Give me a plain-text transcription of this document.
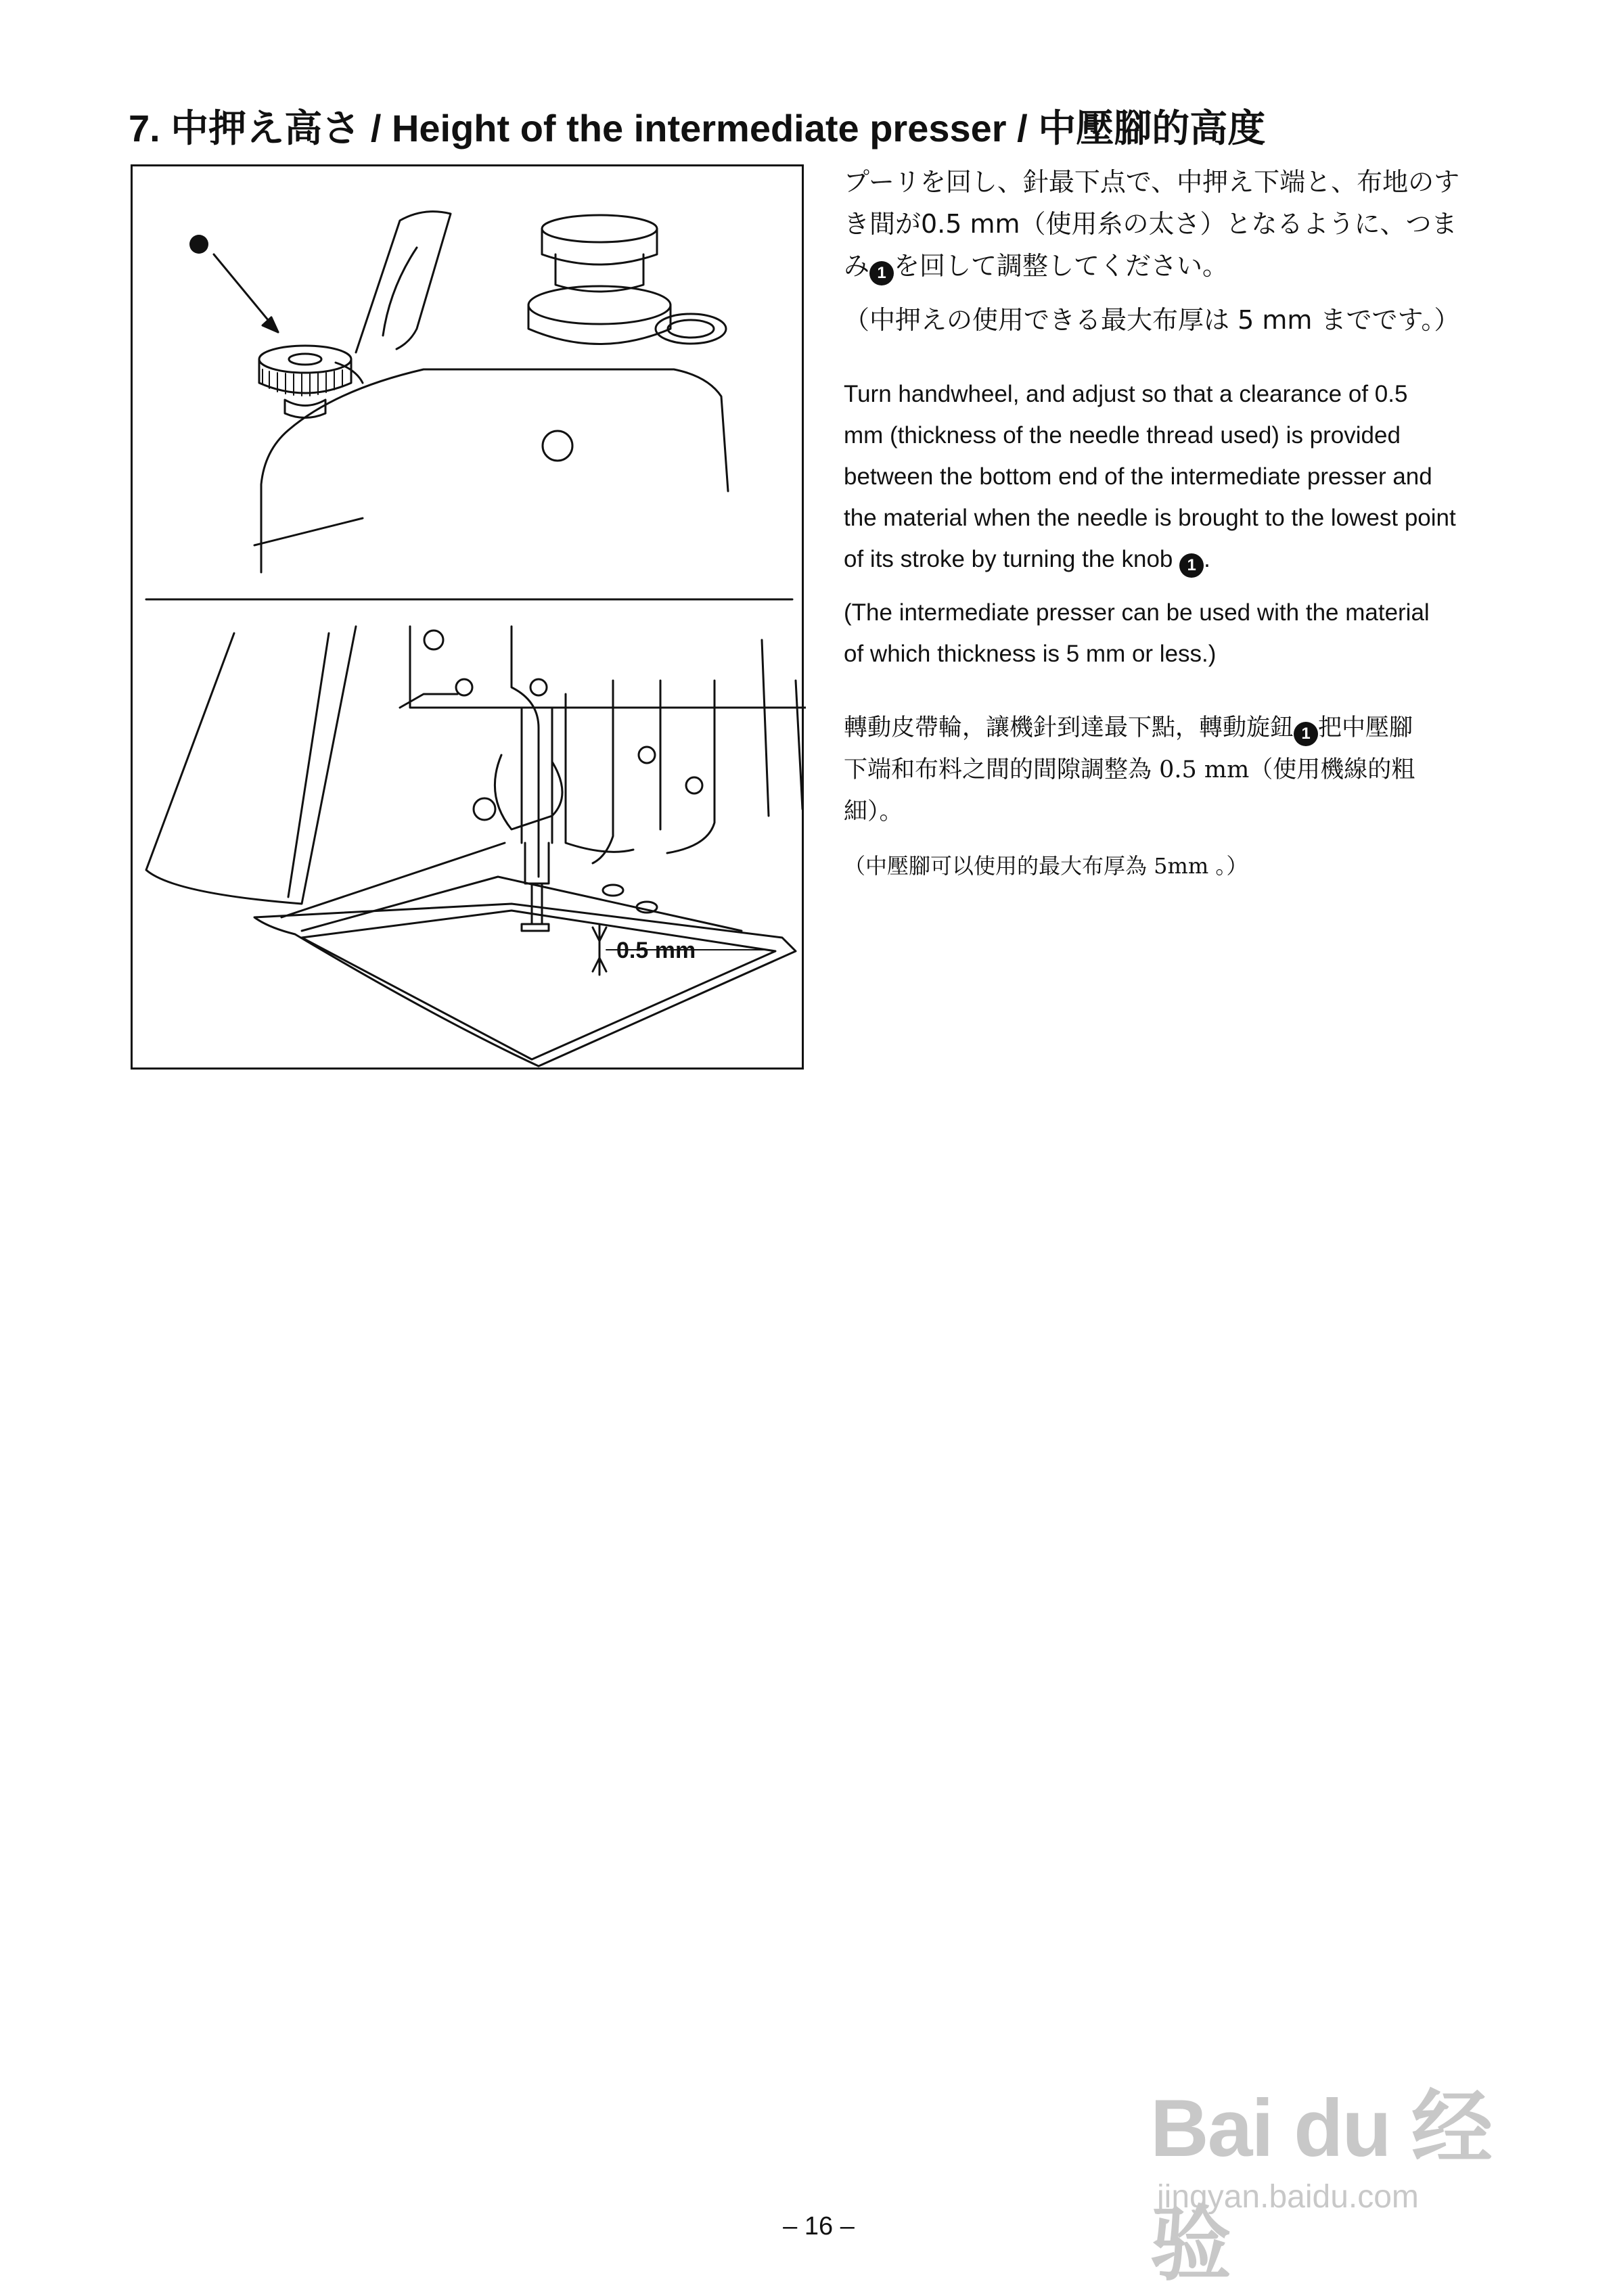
7. 中押え高さ / Height of the intermediate presser / 中壓腳的高度
0.5 mm

プーリを回し、針最下点で、中押え下端と、布地のす
き間が0.5 mm（使用糸の太さ）となるように、つま
み 1 を回して調整してください。

（中押えの使用できる最大布厚は 5 mm までです。）

Turn handwheel, and adjust so that a clearance of 0.5
mm (thickness of the needle thread used) is provided
between the bottom end of the intermediate presser and
the material when the needle is brought to the lowest point
of its stroke by turning the knob 1 .

(The intermediate presser can be used with the material
of which thickness is 5 mm or less.)

轉動皮帶輪，讓機針到達最下點，轉動旋鈕 1 把中壓腳
下端和布料之間的間隙調整為 0.5 mm（使用機線的粗
細）。

（中壓腳可以使用的最大布厚為 5mm 。）

Bai du 经验
jingyan.baidu.com
– 16 –
